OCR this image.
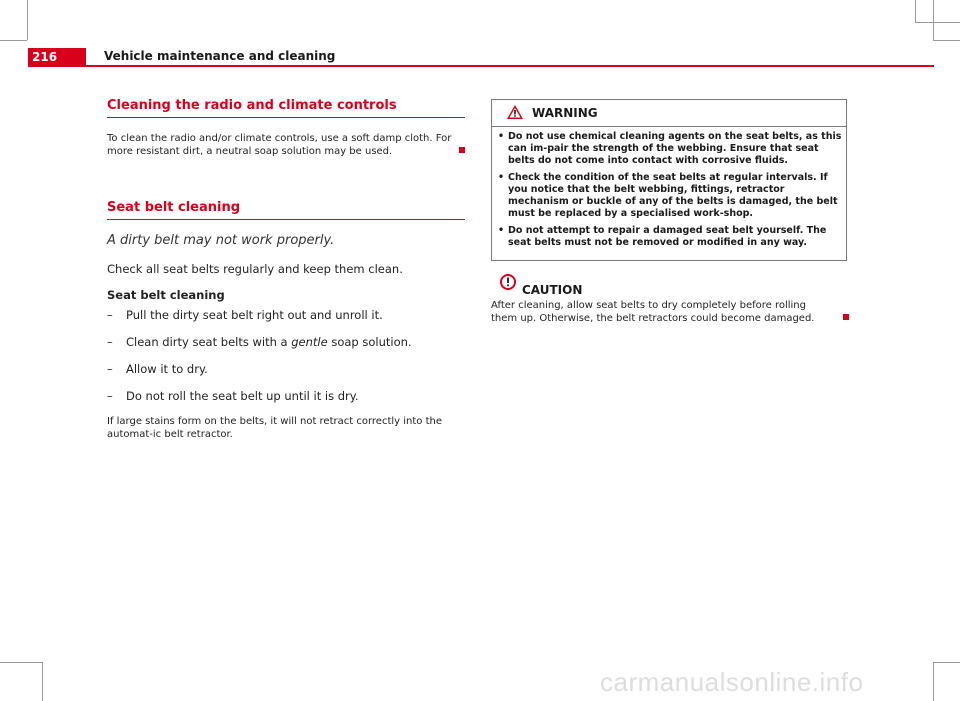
216	Vehicle maintenance and cleaning
Cleaning the radio and climate controls
To clean the radio and/or climate controls, use a soft damp cloth. For more resistant dirt, a neutral soap solution may be used.
Seat belt cleaning
A dirty belt may not work properly.
Check all seat belts regularly and keep them clean.
Seat belt cleaning
– Pull the dirty seat belt right out and unroll it.
– Clean dirty seat belts with a gentle soap solution.
– Allow it to dry.
– Do not roll the seat belt up until it is dry.
If large stains form on the belts, it will not retract correctly into the automat-ic belt retractor.
WARNING
• Do not use chemical cleaning agents on the seat belts, as this can im-pair the strength of the webbing. Ensure that seat belts do not come into contact with corrosive fluids.
• Check the condition of the seat belts at regular intervals. If you notice that the belt webbing, fittings, retractor mechanism or buckle of any of the belts is damaged, the belt must be replaced by a specialised work-shop.
• Do not attempt to repair a damaged seat belt yourself. The seat belts must not be removed or modified in any way.
CAUTION
After cleaning, allow seat belts to dry completely before rolling them up. Otherwise, the belt retractors could become damaged.
carmanualsonline.info
